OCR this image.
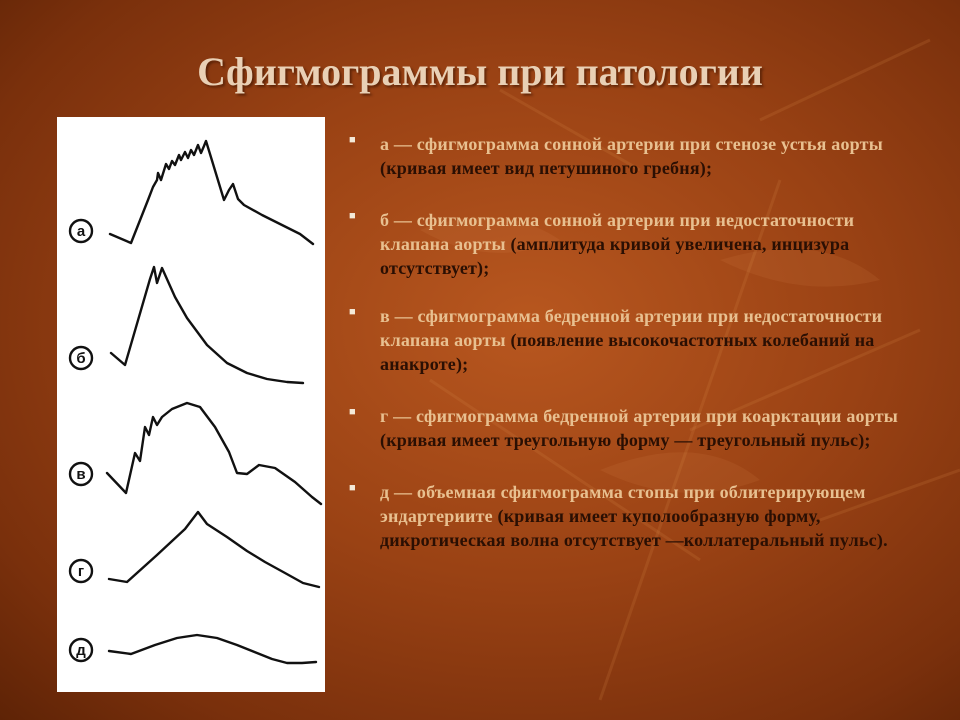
Сфигмограммы при патологии
а
б
в
г
д
■ а — сфигмограмма сонной артерии при стенозе устья аорты (кривая имеет вид петушиного гребня);
■ б — сфигмограмма сонной артерии при недостаточности клапана аорты (амплитуда кривой увеличена, инцизура отсутствует);
■ в — сфигмограмма бедренной артерии при недостаточности клапана аорты (появление высокочастотных колебаний на анакроте);
■ г — сфигмограмма бедренной артерии при коарктации аорты (кривая имеет треугольную форму — треугольный пульс);
■ д — объемная сфигмограмма стопы при облитерирующем эндартериите (кривая имеет куполообразную форму, дикротическая волна отсутствует —коллатеральный пульс).
